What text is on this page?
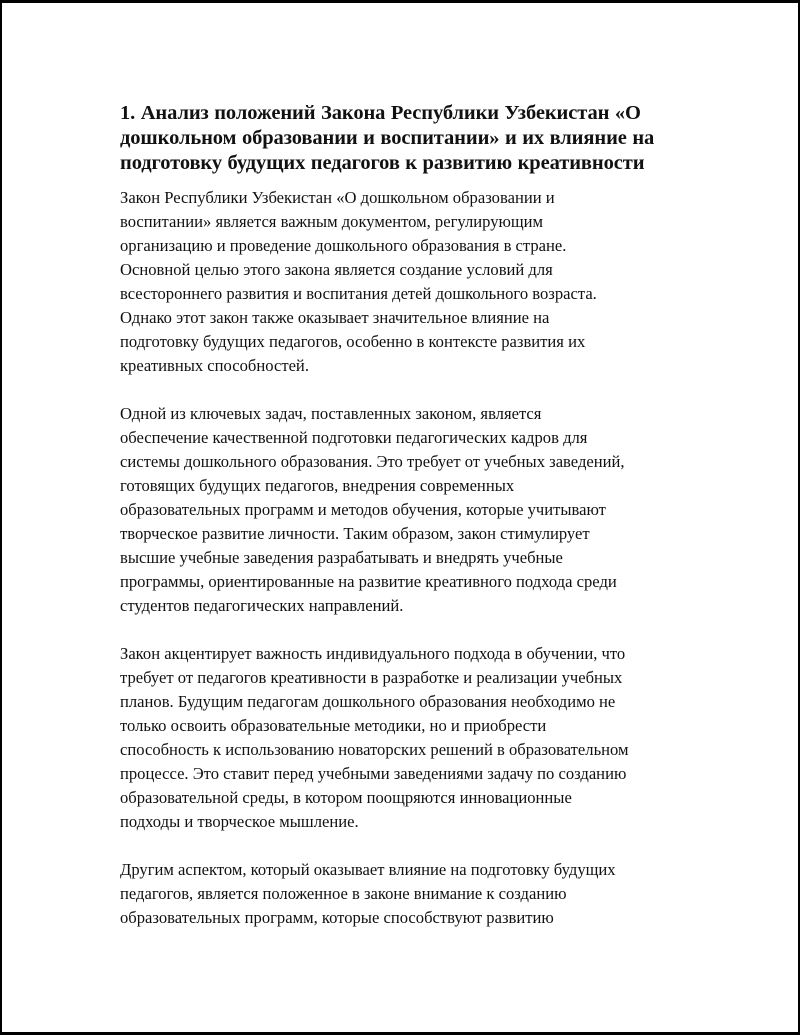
1. Анализ положений Закона Республики Узбекистан «О
дошкольном образовании и воспитании» и их влияние на
подготовку будущих педагогов к развитию креативности

Закон Республики Узбекистан «О дошкольном образовании и
воспитании» является важным документом, регулирующим
организацию и проведение дошкольного образования в стране.
Основной целью этого закона является создание условий для
всестороннего развития и воспитания детей дошкольного возраста.
Однако этот закон также оказывает значительное влияние на
подготовку будущих педагогов, особенно в контексте развития их
креативных способностей.

Одной из ключевых задач, поставленных законом, является
обеспечение качественной подготовки педагогических кадров для
системы дошкольного образования. Это требует от учебных заведений,
готовящих будущих педагогов, внедрения современных
образовательных программ и методов обучения, которые учитывают
творческое развитие личности. Таким образом, закон стимулирует
высшие учебные заведения разрабатывать и внедрять учебные
программы, ориентированные на развитие креативного подхода среди
студентов педагогических направлений.

Закон акцентирует важность индивидуального подхода в обучении, что
требует от педагогов креативности в разработке и реализации учебных
планов. Будущим педагогам дошкольного образования необходимо не
только освоить образовательные методики, но и приобрести
способность к использованию новаторских решений в образовательном
процессе. Это ставит перед учебными заведениями задачу по созданию
образовательной среды, в котором поощряются инновационные
подходы и творческое мышление.

Другим аспектом, который оказывает влияние на подготовку будущих
педагогов, является положенное в законе внимание к созданию
образовательных программ, которые способствуют развитию
